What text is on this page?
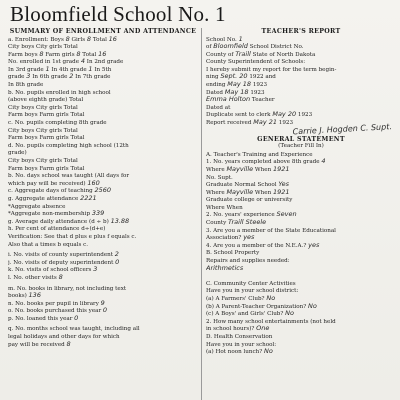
Bloomfield School No. 1
SUMMARY OF ENROLLMENT AND ATTENDANCE
a. Enrollment: Boys 8 Girls 8 Total 16
City boys City girls Total
Farm boys 8 Farm girls 8 Total 16
No. enrolled in 1st grade 4 In 2nd grade
In 3rd grade 1 In 4th grade 1 In 5th
grade 3 In 6th grade 2 In 7th grade
In 8th grade
b. No. pupils enrolled in high school
(above eighth grade) Total
City boys City girls Total
Farm boys Farm girls Total
c. No. pupils completing 8th grade
City boys City girls Total
Farm boys Farm girls Total
d. No. pupils completing high school (12th
grade)
City boys City girls Total
Farm boys Farm girls Total
b. No. days school was taught (All days for
which pay will be received) 160
c. Aggregate days of teaching 2560
g. Aggregate attendance 2221
*Aggregate absence
*Aggregate non-membership 339
g. Average daily attendance (d ÷ b) 13.88
h. Per cent of attendance d÷(d+e)
Verification: See that d plus e plus f equals c.
Also that a times b equals c.
i. No. visits of county superintendent 2
j. No. visits of deputy superintendent 0
k. No. visits of school officers 3
l. No. other visits 8
m. No. books in library, not including text
books) 136
n. No. books per pupil in library 9
o. No. books purchased this year 0
p. No. loaned this year 0
q. No. months school was taught, including all
legal holidays and other days for which
pay will be received 8
TEACHER'S REPORT
School No. 1
of Bloomfield School District No.
County of Traill State of North Dakota
County Superintendent of Schools:
I hereby submit my report for the term begin-
ning Sept. 20 1922 and
ending May 18 1923
Dated May 18 1923
Emma Holton Teacher
Dated at
Duplicate sent to clerk May 20 1923
Report received May 21 1923 Carrie J. Hogden C. Supt.
GENERAL STATEMENT
(Teacher Fill In)
A. Teacher's Training and Experience
1. No. years completed above 8th grade 4
Where Mayville When 1921
No. Supt.
Graduate Normal School Yes
Where Mayville When 1921
Graduate college or university
Where When
2. No. years' experience Seven
County Traill Steele
3. Are you a member of the State Educational
Association? yes
4. Are you a member of the N.E.A.? yes
B. School Property
Repairs and supplies needed:
Arithmetics
C. Community Center Activities
Have you in your school district:
(a) A Farmers' Club? No
(b) A Parent-Teacher Organization? No
(c) A Boys' and Girls' Club? No
2. How many school entertainments (not held
in school hours)? One
D. Health Conservation
Have you in your school:
(a) Hot noon lunch? No
